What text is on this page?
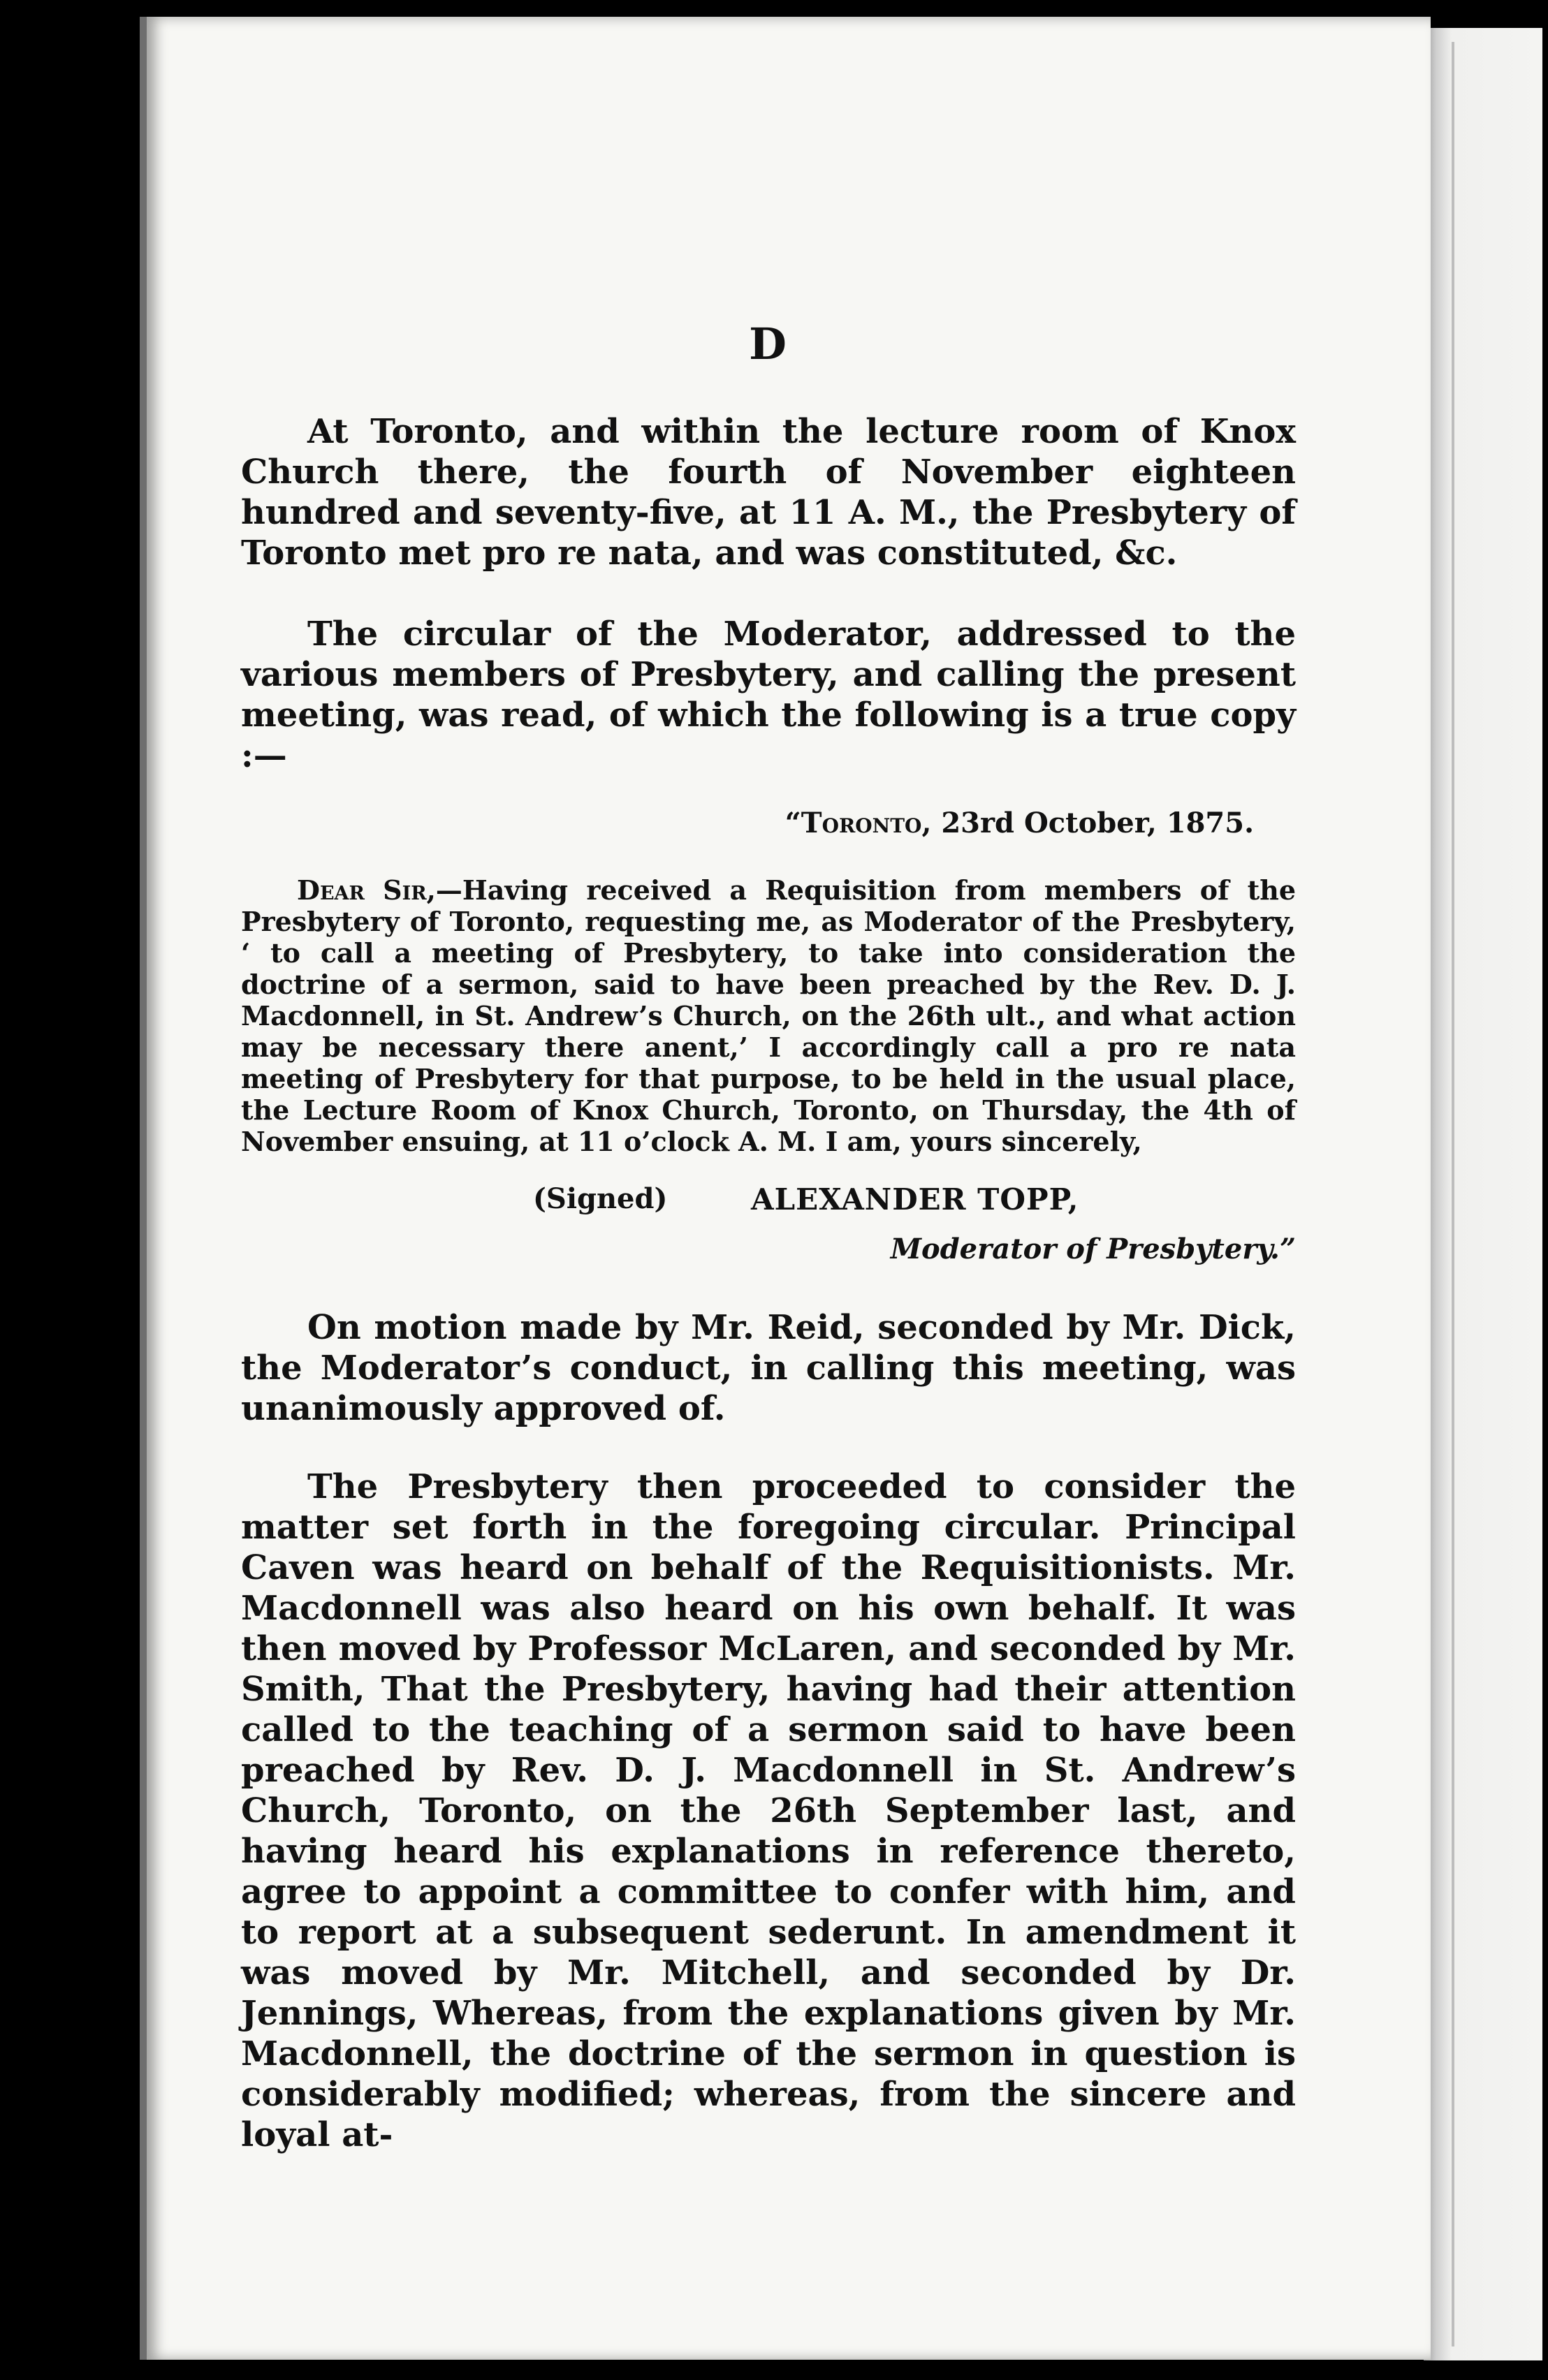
D

At Toronto, and within the lecture room of Knox Church there, the fourth of November eighteen hundred and seventy-five, at 11 A. M., the Presbytery of Toronto met pro re nata, and was constituted, &c.

The circular of the Moderator, addressed to the various members of Presbytery, and calling the present meeting, was read, of which the following is a true copy :—

“Toronto, 23rd October, 1875.

Dear Sir,—Having received a Requisition from members of the Presbytery of Toronto, requesting me, as Moderator of the Presbytery, ‘ to call a meeting of Presbytery, to take into consideration the doctrine of a sermon, said to have been preached by the Rev. D. J. Macdonnell, in St. Andrew’s Church, on the 26th ult., and what action may be necessary there anent,’ I accordingly call a pro re nata meeting of Presbytery for that purpose, to be held in the usual place, the Lecture Room of Knox Church, Toronto, on Thursday, the 4th of November ensuing, at 11 o’clock A. M. I am, yours sincerely,

(Signed)	ALEXANDER TOPP,
Moderator of Presbytery.”

On motion made by Mr. Reid, seconded by Mr. Dick, the Moderator’s conduct, in calling this meeting, was unanimously approved of.

The Presbytery then proceeded to consider the matter set forth in the foregoing circular. Principal Caven was heard on behalf of the Requisitionists. Mr. Macdonnell was also heard on his own behalf. It was then moved by Professor McLaren, and seconded by Mr. Smith, That the Presbytery, having had their attention called to the teaching of a sermon said to have been preached by Rev. D. J. Macdonnell in St. Andrew’s Church, Toronto, on the 26th September last, and having heard his explanations in reference thereto, agree to appoint a committee to confer with him, and to report at a subsequent sederunt. In amendment it was moved by Mr. Mitchell, and seconded by Dr. Jennings, Whereas, from the explanations given by Mr. Macdonnell, the doctrine of the sermon in question is considerably modified; whereas, from the sincere and loyal at-
